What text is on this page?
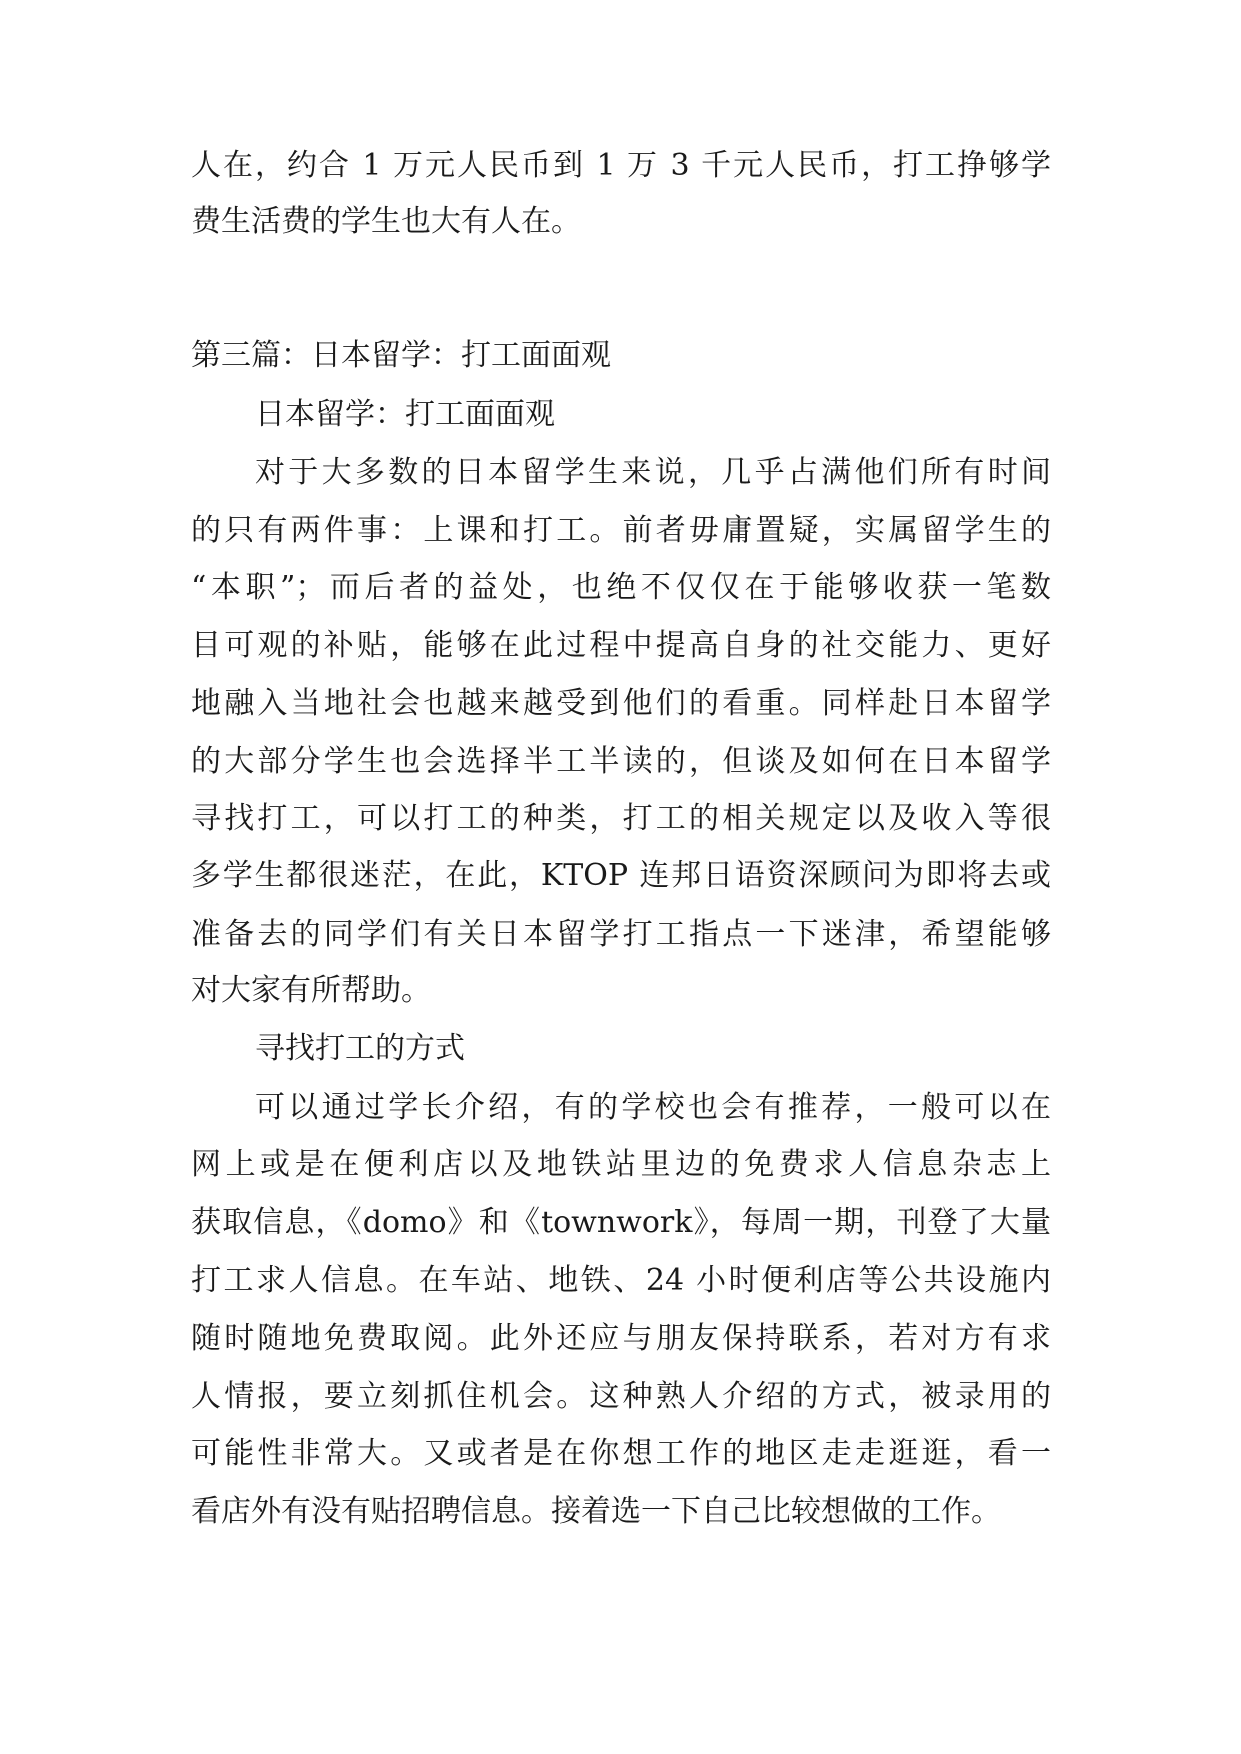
人在，约合 1 万元人民币到 1 万 3 千元人民币，打工挣够学

费生活费的学生也大有人在。

第三篇：日本留学：打工面面观

日本留学：打工面面观

对于大多数的日本留学生来说，几乎占满他们所有时间

的只有两件事：上课和打工。前者毋庸置疑，实属留学生的

“本职”；而后者的益处，也绝不仅仅在于能够收获一笔数

目可观的补贴，能够在此过程中提高自身的社交能力、更好

地融入当地社会也越来越受到他们的看重。同样赴日本留学

的大部分学生也会选择半工半读的，但谈及如何在日本留学

寻找打工，可以打工的种类，打工的相关规定以及收入等很

多学生都很迷茫，在此，KTOP 连邦日语资深顾问为即将去或

准备去的同学们有关日本留学打工指点一下迷津，希望能够

对大家有所帮助。

寻找打工的方式

可以通过学长介绍，有的学校也会有推荐，一般可以在

网上或是在便利店以及地铁站里边的免费求人信息杂志上

获取信息，《domo》和《townwork》，每周一期，刊登了大量

打工求人信息。在车站、地铁、24 小时便利店等公共设施内

随时随地免费取阅。此外还应与朋友保持联系，若对方有求

人情报，要立刻抓住机会。这种熟人介绍的方式，被录用的

可能性非常大。又或者是在你想工作的地区走走逛逛，看一

看店外有没有贴招聘信息。接着选一下自己比较想做的工作。
